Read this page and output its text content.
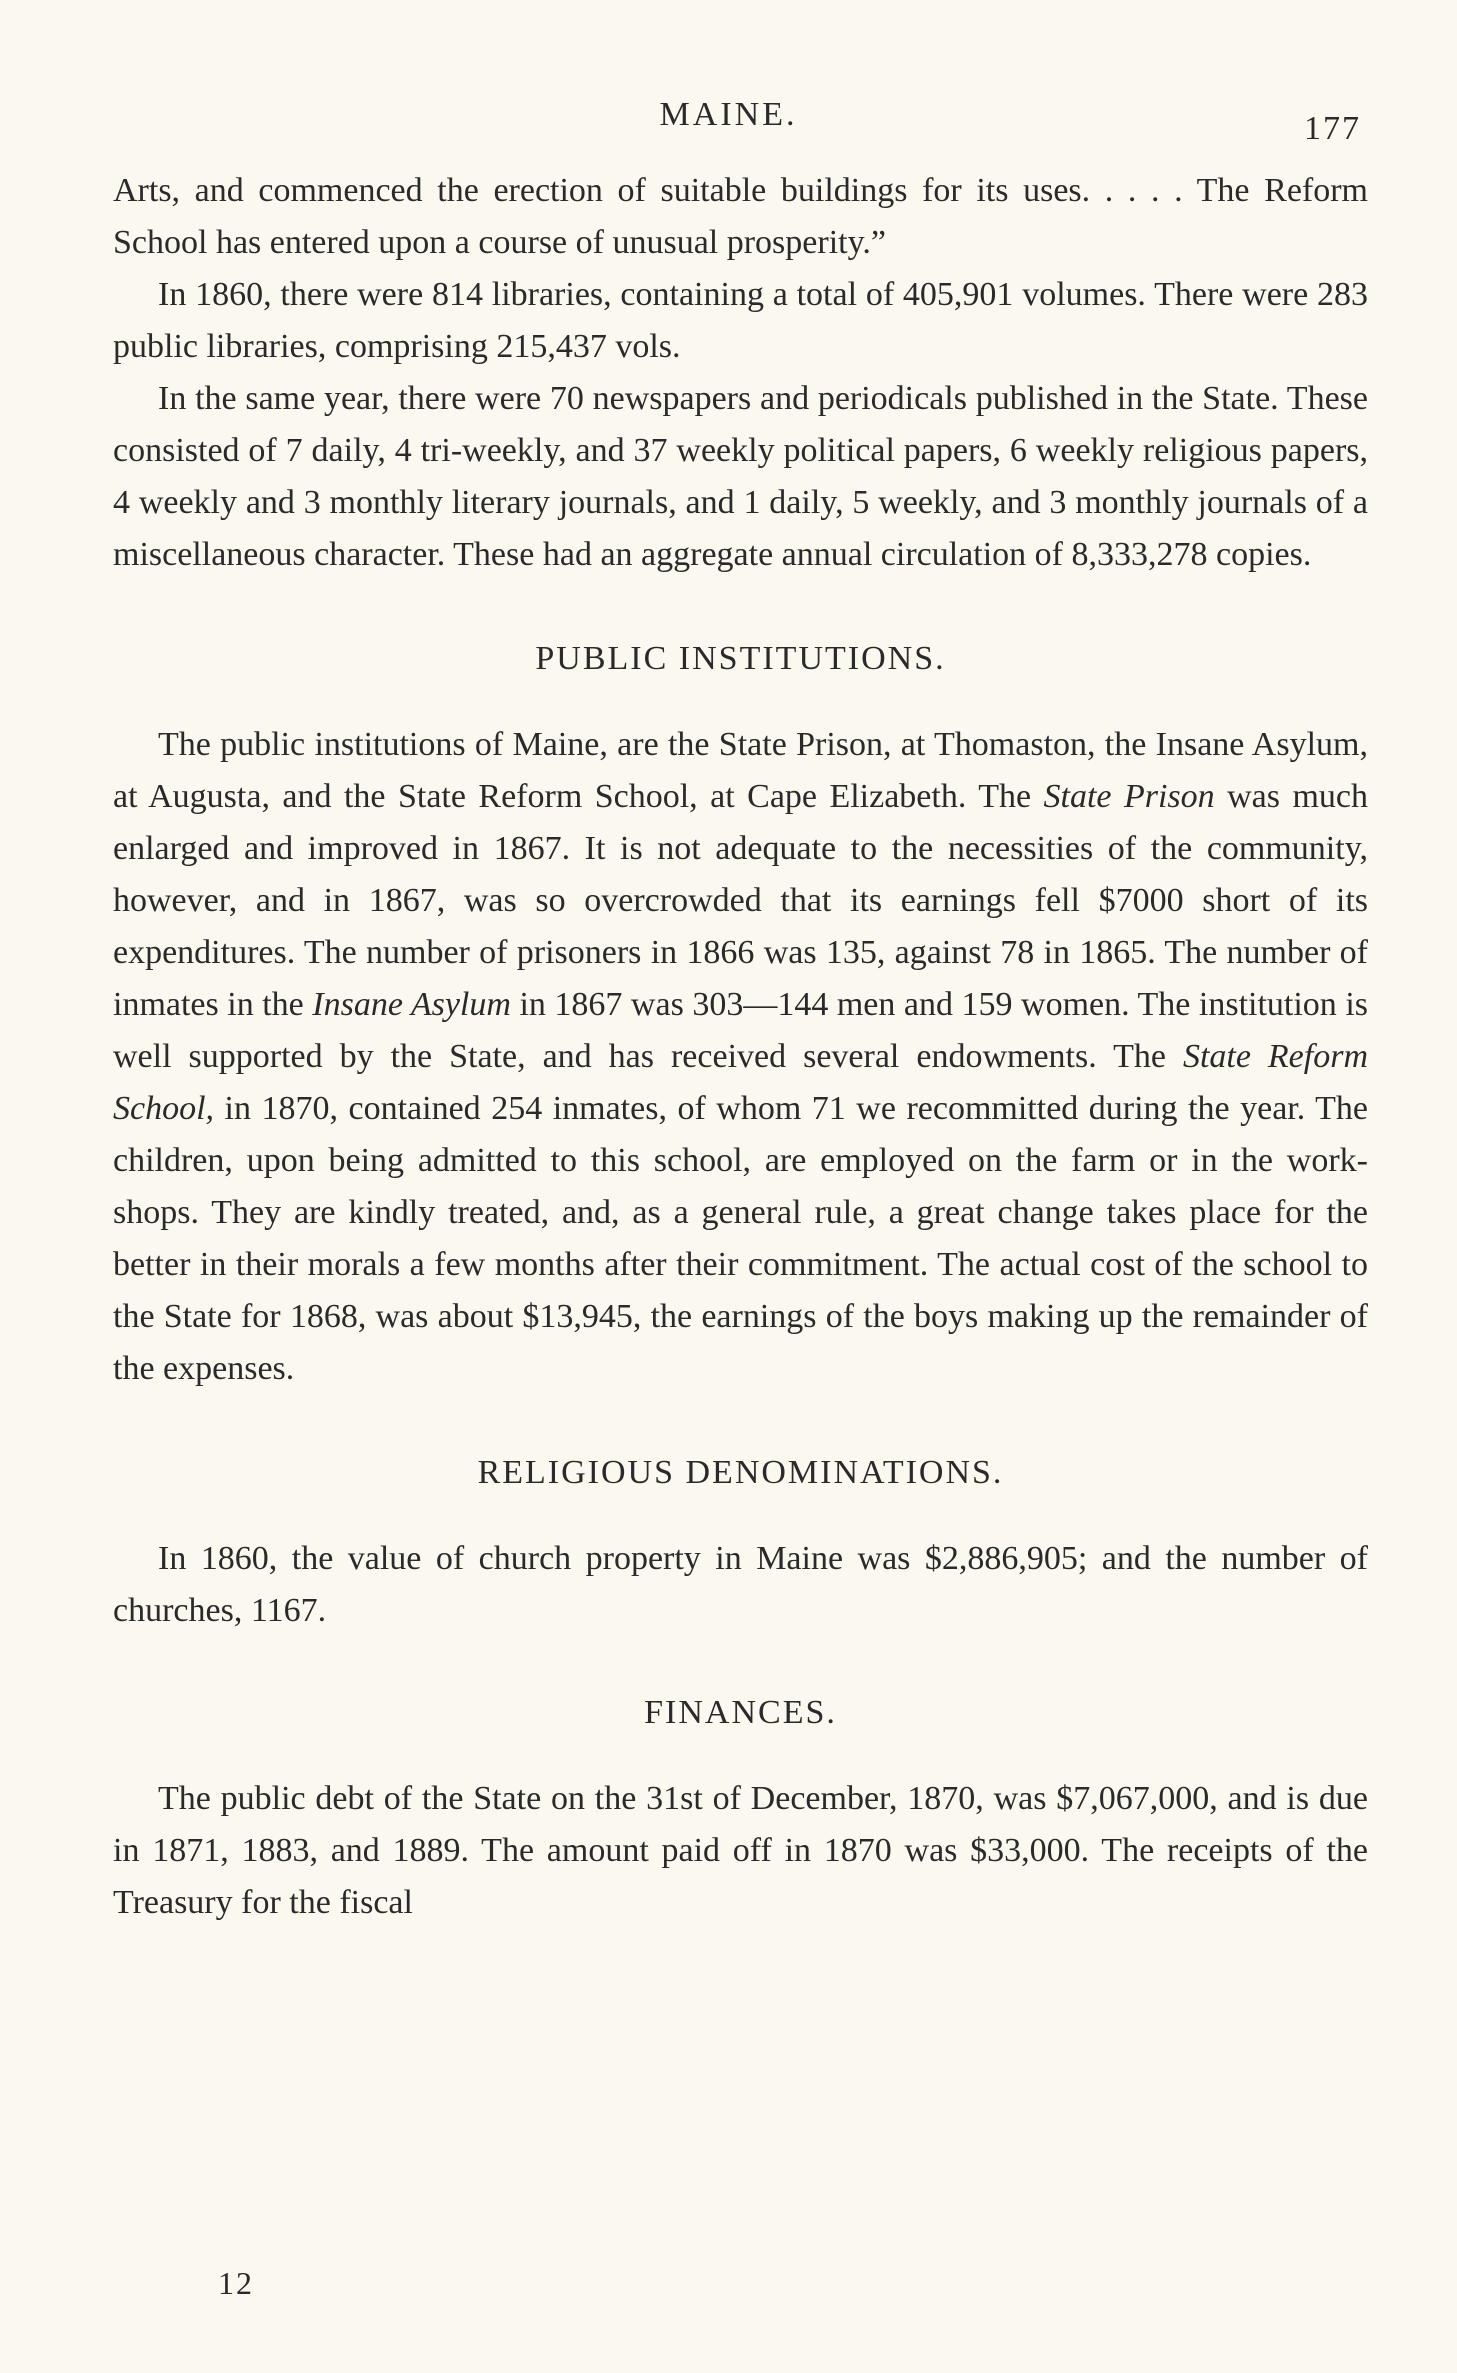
MAINE.	177

Arts, and commenced the erection of suitable buildings for its uses. . . . . The Reform School has entered upon a course of unusual prosperity.”

In 1860, there were 814 libraries, containing a total of 405,901 volumes. There were 283 public libraries, comprising 215,437 vols.

In the same year, there were 70 newspapers and periodicals published in the State. These consisted of 7 daily, 4 tri-weekly, and 37 weekly political papers, 6 weekly religious papers, 4 weekly and 3 monthly literary journals, and 1 daily, 5 weekly, and 3 monthly journals of a miscellaneous character. These had an aggregate annual circulation of 8,333,278 copies.

PUBLIC INSTITUTIONS.

The public institutions of Maine, are the State Prison, at Thomaston, the Insane Asylum, at Augusta, and the State Reform School, at Cape Elizabeth. The State Prison was much enlarged and improved in 1867. It is not adequate to the necessities of the community, however, and in 1867, was so overcrowded that its earnings fell $7000 short of its expenditures. The number of prisoners in 1866 was 135, against 78 in 1865. The number of inmates in the Insane Asylum in 1867 was 303—144 men and 159 women. The institution is well supported by the State, and has received several endowments. The State Reform School, in 1870, contained 254 inmates, of whom 71 we recommitted during the year. The children, upon being admitted to this school, are employed on the farm or in the work-shops. They are kindly treated, and, as a general rule, a great change takes place for the better in their morals a few months after their commitment. The actual cost of the school to the State for 1868, was about $13,945, the earnings of the boys making up the remainder of the expenses.

RELIGIOUS DENOMINATIONS.

In 1860, the value of church property in Maine was $2,886,905; and the number of churches, 1167.

FINANCES.

The public debt of the State on the 31st of December, 1870, was $7,067,000, and is due in 1871, 1883, and 1889. The amount paid off in 1870 was $33,000. The receipts of the Treasury for the fiscal

12
